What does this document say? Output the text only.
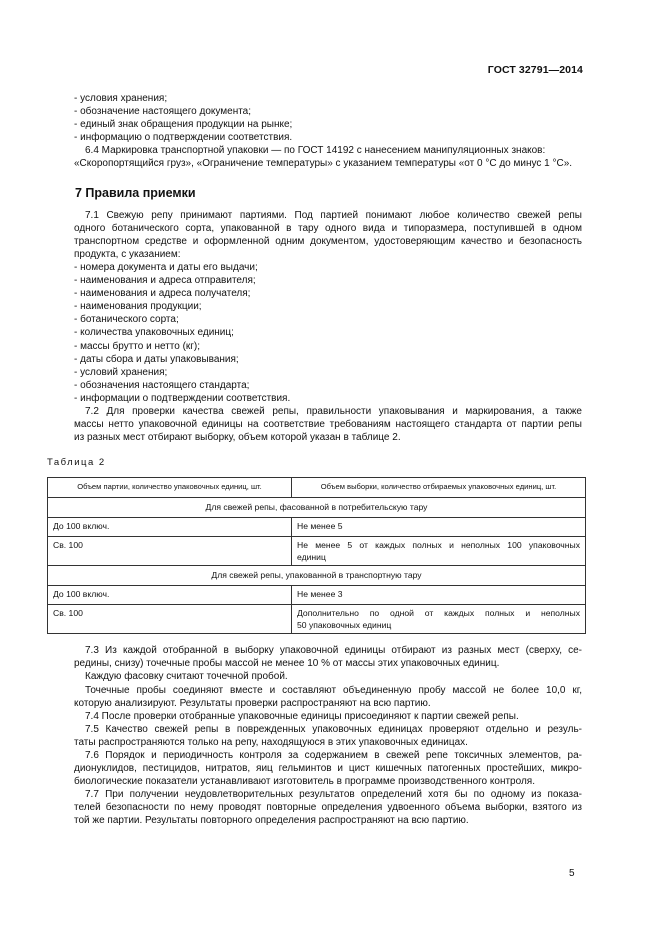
ГОСТ 32791—2014
- условия хранения;
- обозначение настоящего документа;
- единый знак обращения продукции на рынке;
- информацию о подтверждении соответствия.
6.4 Маркировка транспортной упаковки — по ГОСТ 14192 с нанесением манипуляционных знаков:
«Скоропортящийся груз», «Ограничение температуры» с указанием температуры «от 0 °С до минус 1 °С».
7 Правила приемки
7.1 Свежую репу принимают партиями. Под партией понимают любое количество свежей репы
одного ботанического сорта, упакованной в тару одного вида и типоразмера, поступившей в одном
транспортном средстве и оформленной одним документом, удостоверяющим качество и безопасность
продукта, с указанием:
- номера документа и даты его выдачи;
- наименования и адреса отправителя;
- наименования и адреса получателя;
- наименования продукции;
- ботанического сорта;
- количества упаковочных единиц;
- массы брутто и нетто (кг);
- даты сбора и даты упаковывания;
- условий хранения;
- обозначения настоящего стандарта;
- информации о подтверждении соответствия.
7.2 Для проверки качества свежей репы, правильности упаковывания и маркирования, а также
массы нетто упаковочной единицы на соответствие требованиям настоящего стандарта от партии репы
из разных мест отбирают выборку, объем которой указан в таблице 2.
Таблица 2
Объем партии, количество упаковочных единиц, шт.	Объем выборки, количество отбираемых упаковочных единиц, шт.
Для свежей репы, фасованной в потребительскую тару	
До 100 включ.	Не менее 5
Св. 100	Не менее 5 от каждых полных и неполных 100 упаковочных
единиц

Для свежей репы, упакованной в транспортную тару	
До 100 включ.	Не менее 3
Св. 100	Дополнительно по одной от каждых полных и неполных
50 упаковочных единиц
7.3 Из каждой отобранной в выборку упаковочной единицы отбирают из разных мест (сверху, се-
редины, снизу) точечные пробы массой не менее 10 % от массы этих упаковочных единиц.
Каждую фасовку считают точечной пробой.
Точечные пробы соединяют вместе и составляют объединенную пробу массой не более 10,0 кг,
которую анализируют. Результаты проверки распространяют на всю партию.
7.4 После проверки отобранные упаковочные единицы присоединяют к партии свежей репы.
7.5 Качество свежей репы в поврежденных упаковочных единицах проверяют отдельно и резуль-
таты распространяются только на репу, находящуюся в этих упаковочных единицах.
7.6 Порядок и периодичность контроля за содержанием в свежей репе токсичных элементов, ра-
дионуклидов, пестицидов, нитратов, яиц гельминтов и цист кишечных патогенных простейших, микро-
биологические показатели устанавливают изготовитель в программе производственного контроля.
7.7 При получении неудовлетворительных результатов определений хотя бы по одному из показа-
телей безопасности по нему проводят повторные определения удвоенного объема выборки, взятого из
той же партии. Результаты повторного определения распространяют на всю партию.
5
